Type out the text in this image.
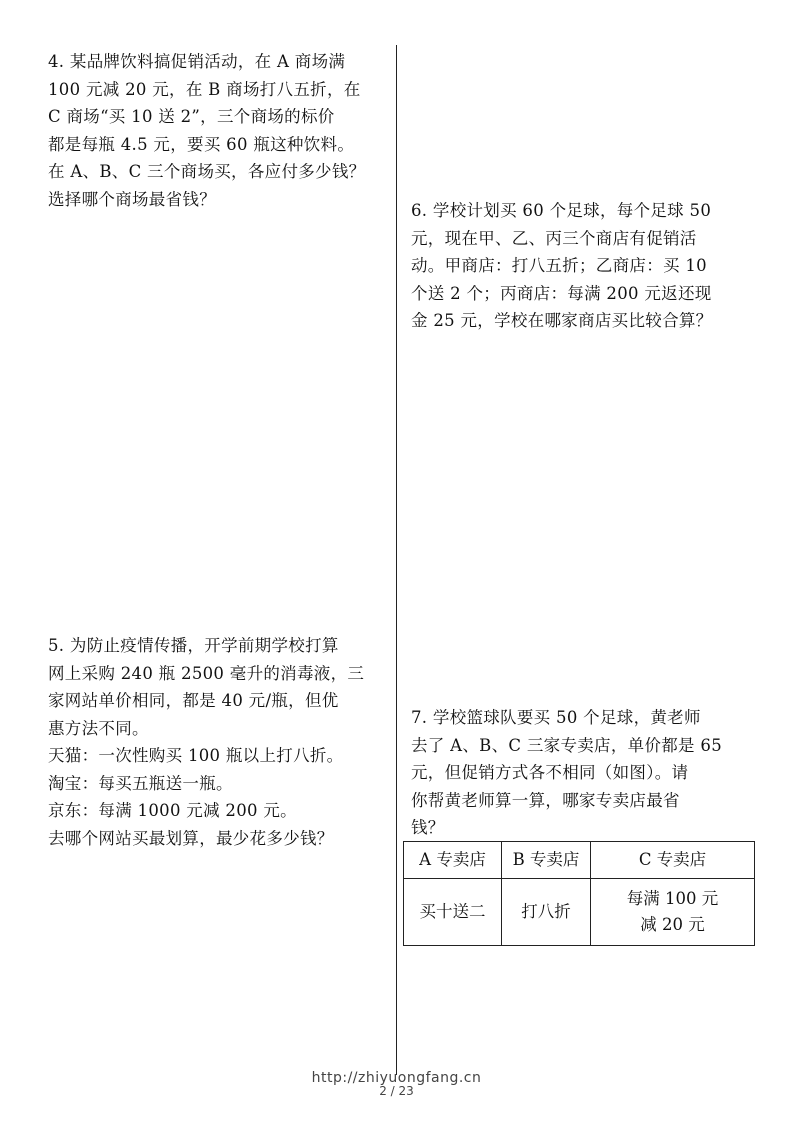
4. 某品牌饮料搞促销活动，在 A 商场满

100 元减 20 元，在 B 商场打八五折，在

C 商场“买 10 送 2”，三个商场的标价

都是每瓶 4.5 元，要买 60 瓶这种饮料。

在 A、B、C 三个商场买，各应付多少钱？

选择哪个商场最省钱？

5. 为防止疫情传播，开学前期学校打算

网上采购 240 瓶 2500 毫升的消毒液，三

家网站单价相同，都是 40 元/瓶，但优

惠方法不同。

天猫：一次性购买 100 瓶以上打八折。

淘宝：每买五瓶送一瓶。

京东：每满 1000 元减 200 元。

去哪个网站买最划算，最少花多少钱？

6. 学校计划买 60 个足球，每个足球 50

元，现在甲、乙、丙三个商店有促销活

动。甲商店：打八五折；乙商店：买 10

个送 2 个；丙商店：每满 200 元返还现

金 25 元，学校在哪家商店买比较合算？

7. 学校篮球队要买 50 个足球，黄老师

去了 A、B、C 三家专卖店，单价都是 65

元，但促销方式各不相同（如图）。请

你帮黄老师算一算，哪家专卖店最省

钱？

A 专卖店	B 专卖店	C 专卖店
买十送二	打八折	每满 100 元
减 20 元
http://zhiyuongfang.cn
2 / 23
